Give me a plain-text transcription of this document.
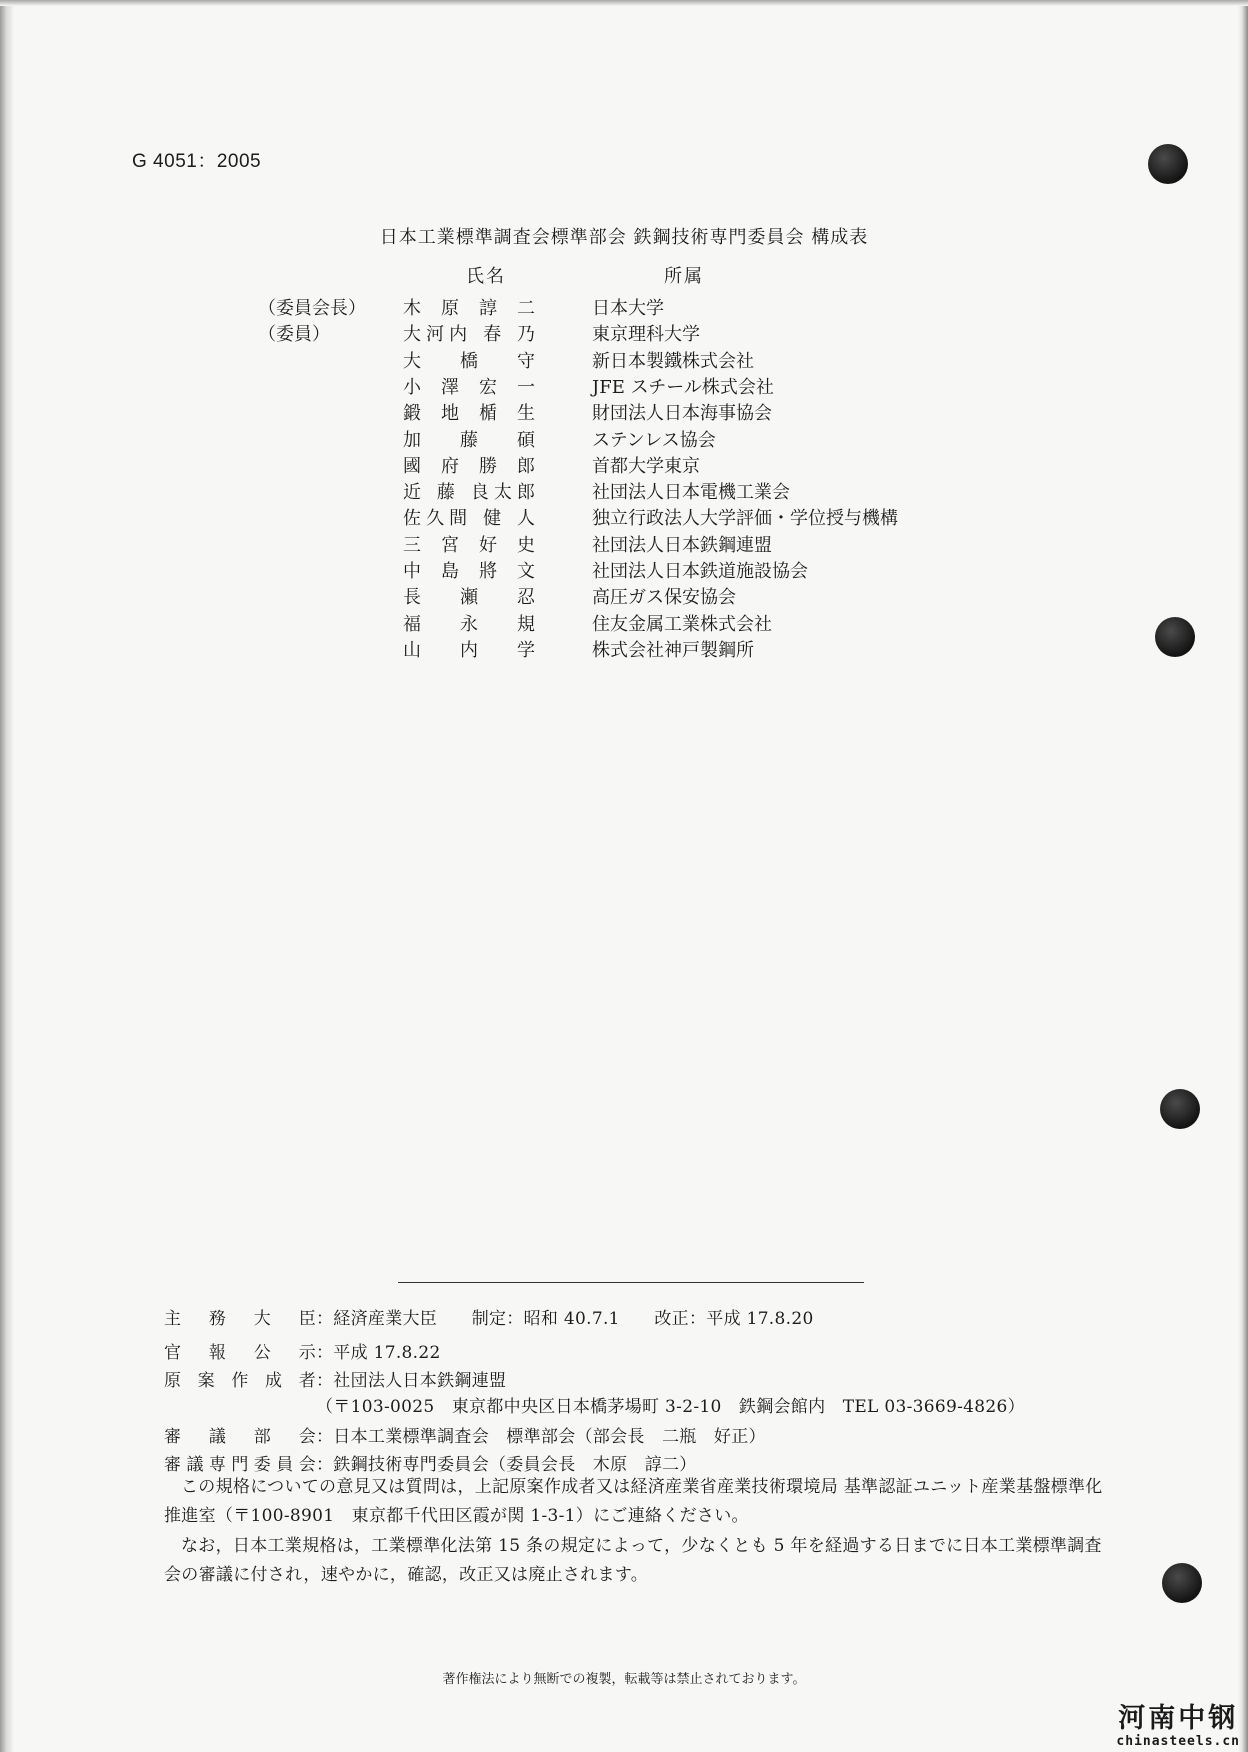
G 4051：2005
日本工業標準調査会標準部会 鉄鋼技術専門委員会 構成表
氏名	所属
（委員会長） 木 原 諄 二	日本大学
（委員）	大河内 春 乃	東京理科大学
大 橋 守	新日本製鐵株式会社
小 澤 宏 一	JFE スチール株式会社
鍛 地 楯 生	財団法人日本海事協会
加 藤 碩	ステンレス協会
國 府 勝 郎	首都大学東京
近 藤 良太郎	社団法人日本電機工業会
佐久間 健 人	独立行政法人大学評価・学位授与機構
三 宮 好 史	社団法人日本鉄鋼連盟
中 島 將 文	社団法人日本鉄道施設協会
長 瀬 忍	高圧ガス保安協会
福 永 規	住友金属工業株式会社
山 内 学	株式会社神戸製鋼所
主務大臣：経済産業大臣　　制定：昭和 40.7.1　　改正：平成 17.8.20
官報公示：平成 17.8.22
原案作成者：社団法人日本鉄鋼連盟
（〒103-0025　東京都中央区日本橋茅場町 3-2-10　鉄鋼会館内　TEL 03-3669-4826）
審議部会：日本工業標準調査会　標準部会（部会長　二瓶　好正）
審議専門委員会：鉄鋼技術専門委員会（委員会長　木原　諄二）
この規格についての意見又は質問は，上記原案作成者又は経済産業省産業技術環境局 基準認証ユニット産業基盤標準化推進室（〒100-8901　東京都千代田区霞が関 1-3-1）にご連絡ください。
なお，日本工業規格は，工業標準化法第 15 条の規定によって，少なくとも 5 年を経過する日までに日本工業標準調査会の審議に付され，速やかに，確認，改正又は廃止されます。
著作権法により無断での複製，転載等は禁止されております。
河南中钢
chinasteels.cn
